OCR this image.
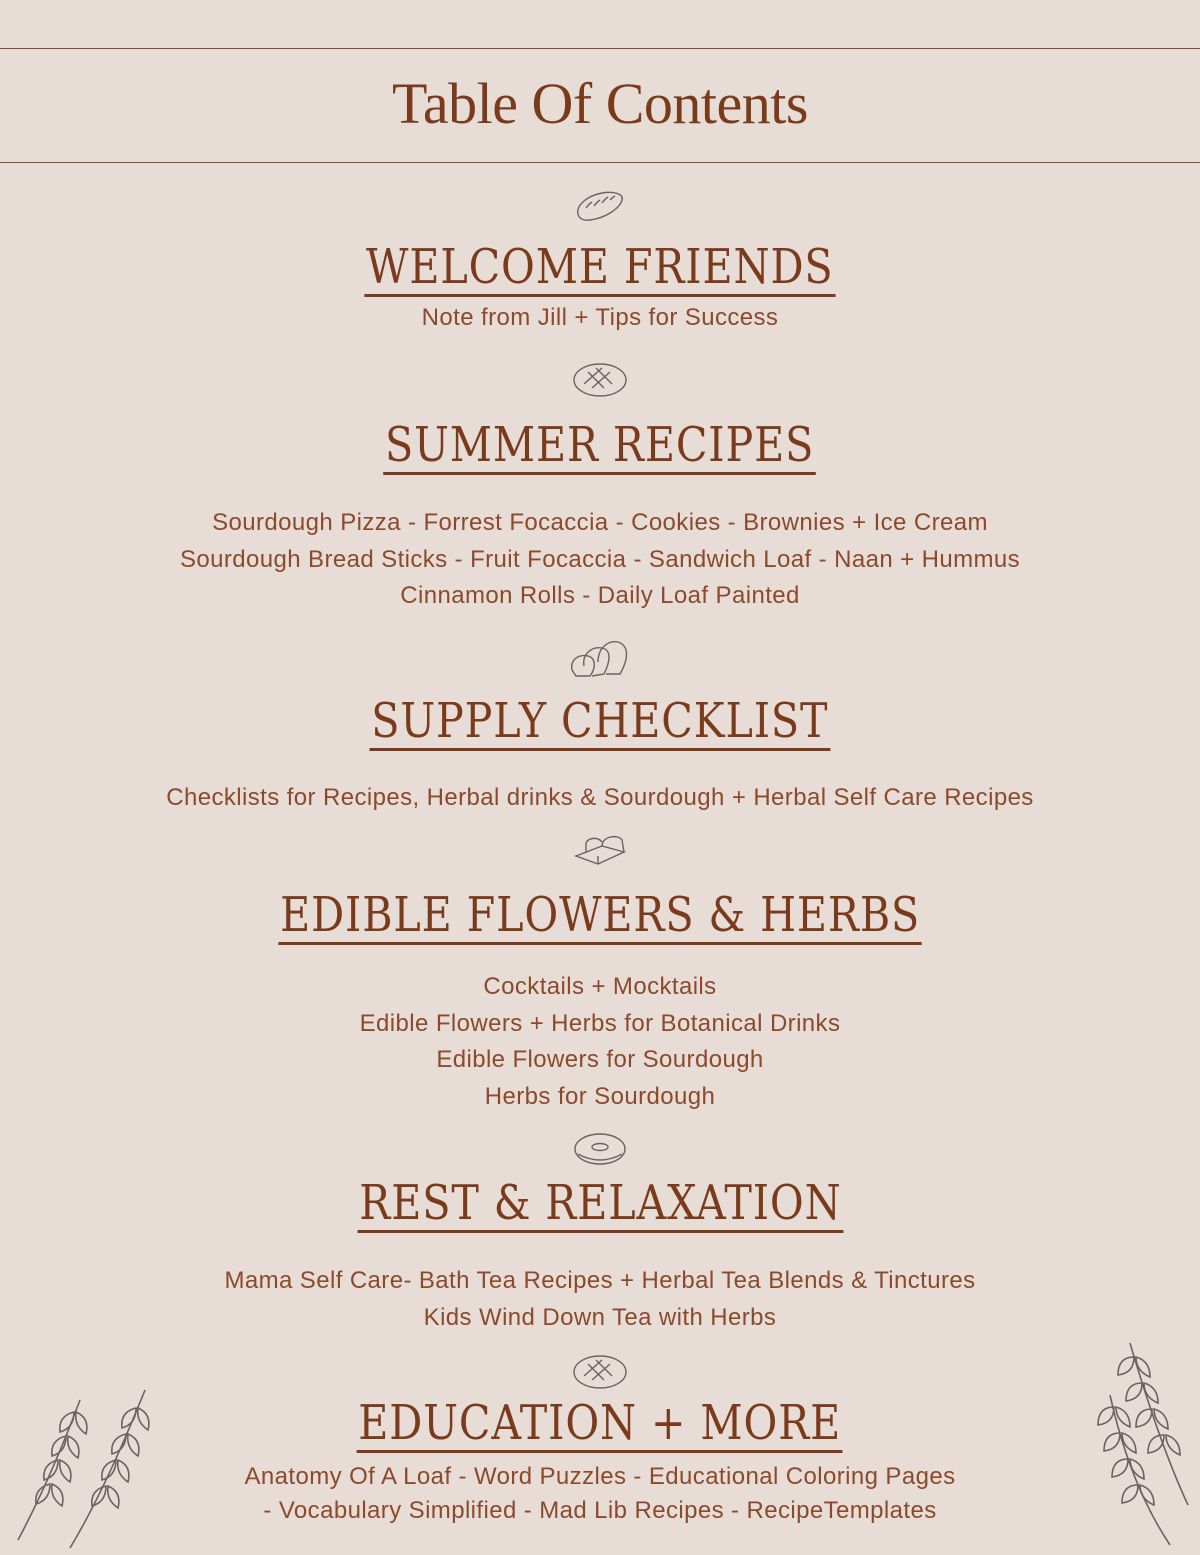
Table Of Contents
WELCOME FRIENDS
Note from Jill + Tips for Success
SUMMER RECIPES
Sourdough Pizza - Forrest Focaccia - Cookies - Brownies + Ice Cream
Sourdough Bread Sticks - Fruit Focaccia - Sandwich Loaf - Naan + Hummus
Cinnamon Rolls - Daily Loaf Painted
SUPPLY CHECKLIST
Checklists for Recipes, Herbal drinks & Sourdough + Herbal Self Care Recipes
EDIBLE FLOWERS & HERBS
Cocktails + Mocktails
Edible Flowers + Herbs for Botanical Drinks
Edible Flowers for Sourdough
Herbs for Sourdough
REST & RELAXATION
Mama Self Care- Bath Tea Recipes + Herbal Tea Blends & Tinctures
Kids Wind Down Tea with Herbs
EDUCATION + MORE
Anatomy Of A Loaf - Word Puzzles - Educational Coloring Pages
- Vocabulary Simplified - Mad Lib Recipes - RecipeTemplates
